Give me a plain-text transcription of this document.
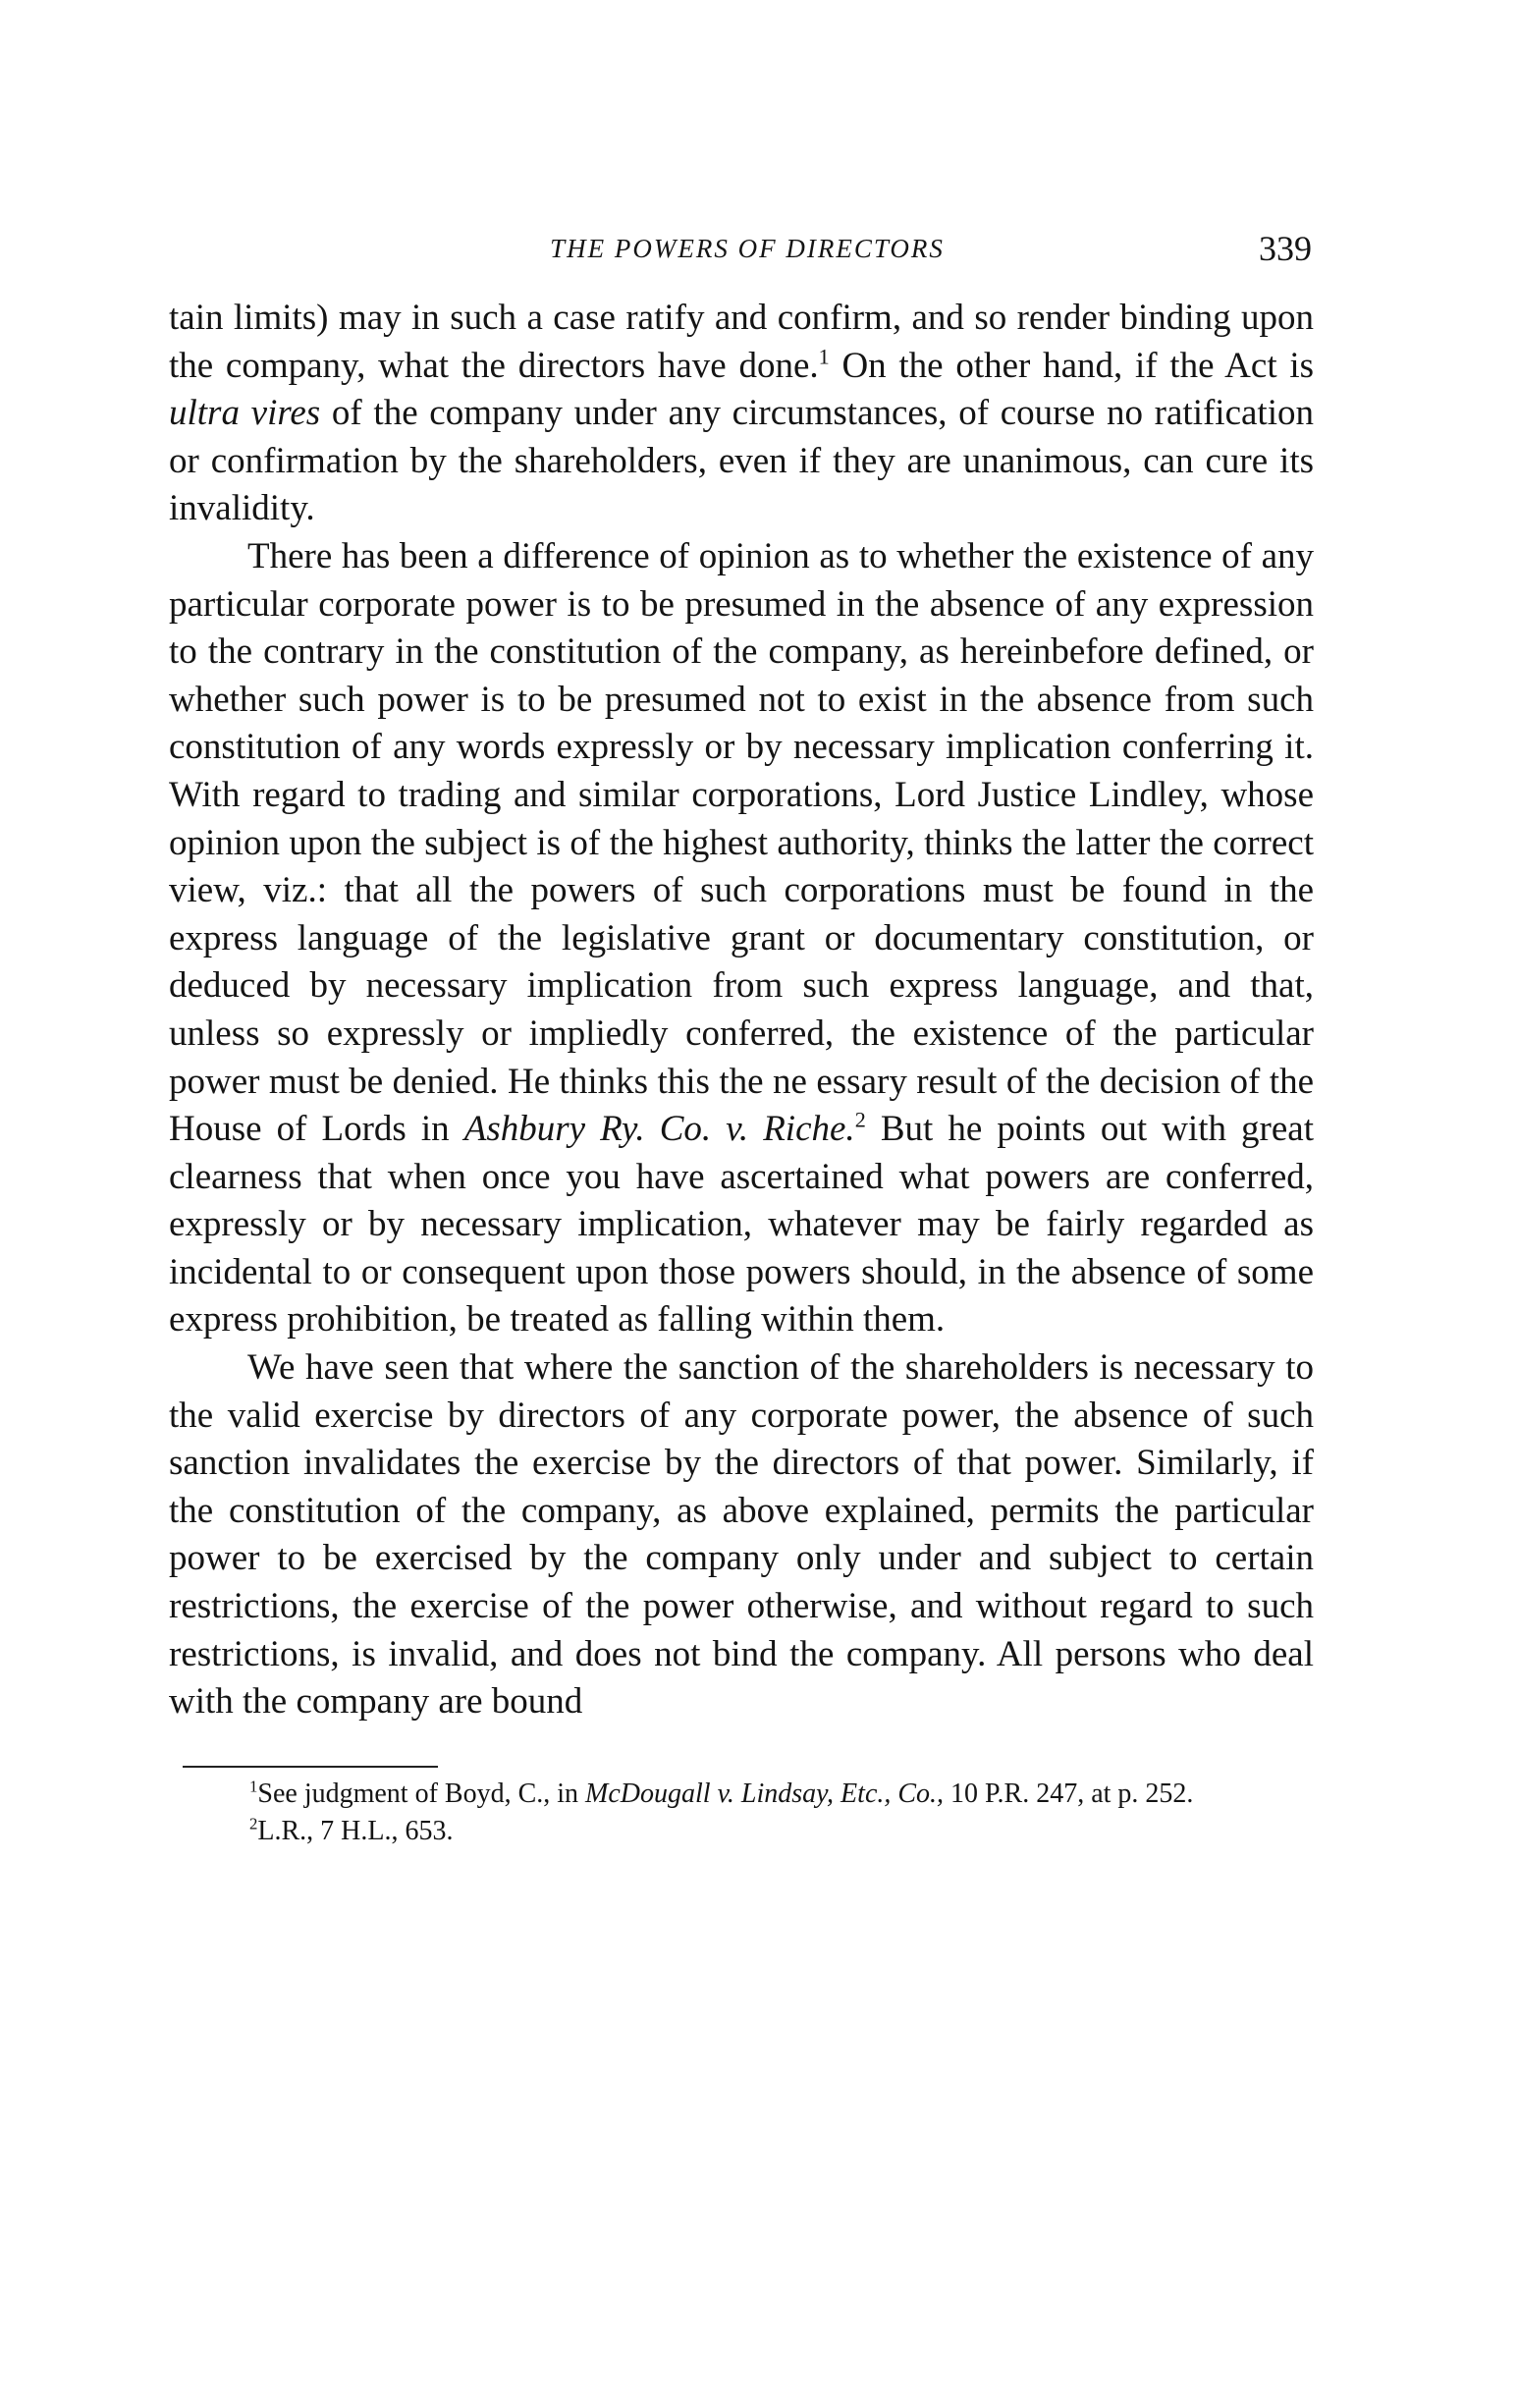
THE POWERS OF DIRECTORS	339

tain limits) may in such a case ratify and confirm, and so render binding upon the company, what the directors have done.$^1$ On the other hand, if the Act is ultra vires of the company under any circumstances, of course no ratification or confirmation by the shareholders, even if they are unanimous, can cure its invalidity.

There has been a difference of opinion as to whether the existence of any particular corporate power is to be presumed in the absence of any expression to the contrary in the constitution of the company, as hereinbefore defined, or whether such power is to be presumed not to exist in the absence from such constitution of any words expressly or by necessary implication conferring it. With regard to trading and similar corporations, Lord Justice Lindley, whose opinion upon the subject is of the highest authority, thinks the latter the correct view, viz.: that all the powers of such corporations must be found in the express language of the legislative grant or documentary constitution, or deduced by necessary implication from such express language, and that, unless so expressly or impliedly conferred, the existence of the particular power must be denied. He thinks this the ne essary result of the decision of the House of Lords in Ashbury Ry. Co. v. Riche.$^2$ But he points out with great clearness that when once you have ascertained what powers are conferred, expressly or by necessary implication, whatever may be fairly regarded as incidental to or consequent upon those powers should, in the absence of some express prohibition, be treated as falling within them.

We have seen that where the sanction of the shareholders is necessary to the valid exercise by directors of any corporate power, the absence of such sanction invalidates the exercise by the directors of that power. Similarly, if the constitution of the company, as above explained, permits the particular power to be exercised by the company only under and subject to certain restrictions, the exercise of the power otherwise, and without regard to such restrictions, is invalid, and does not bind the company. All persons who deal with the company are bound

$^1$See judgment of Boyd, C., in McDougall v. Lindsay, Etc., Co., 10 P.R. 247, at p. 252.

$^2$L.R., 7 H.L., 653.
